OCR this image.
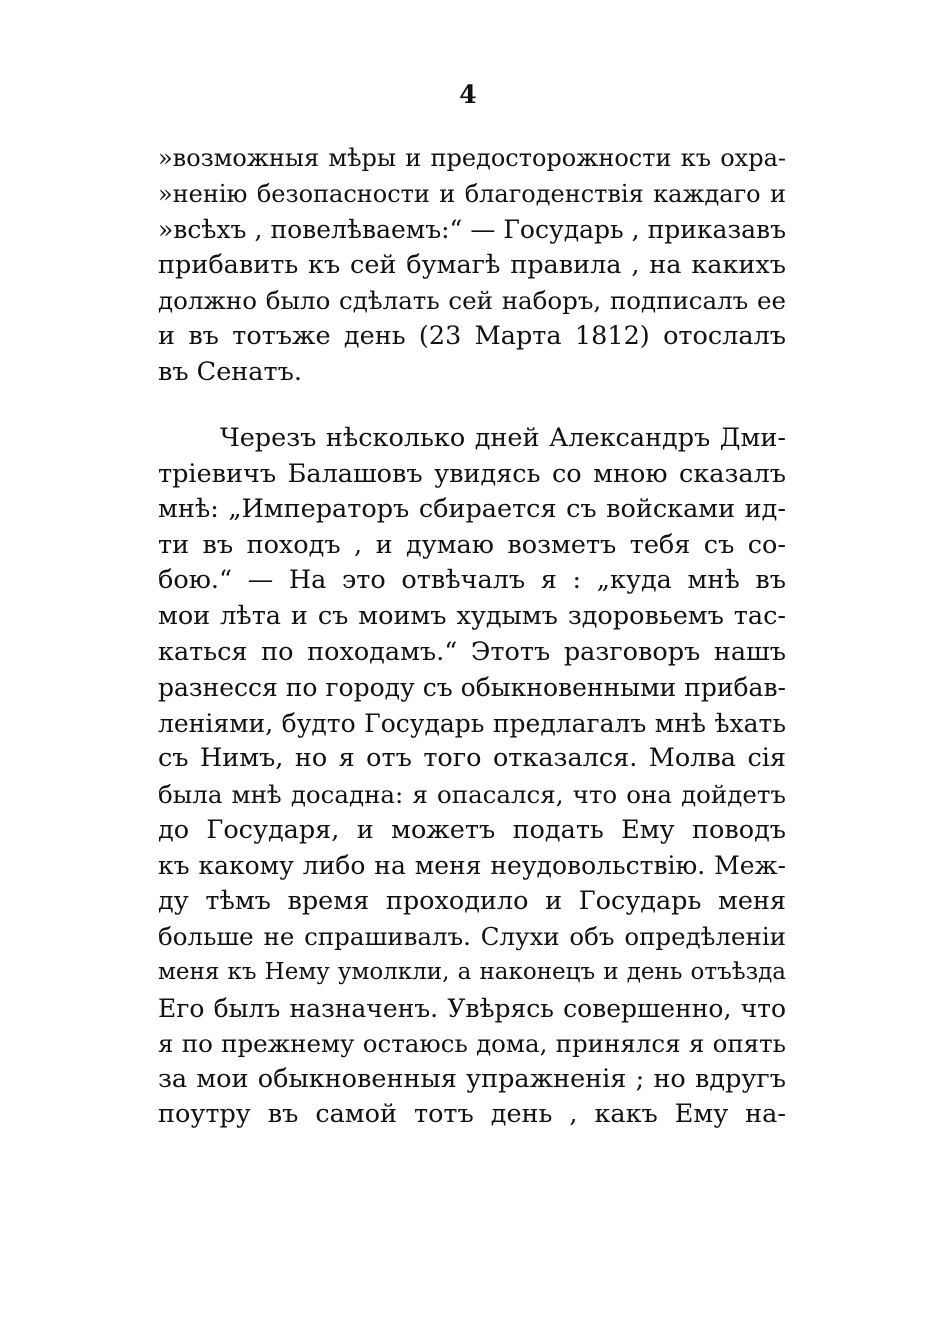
4
»возможныя мѣры и предосторожности къ охра-
»ненію безопасности и благоденствія каждаго и
»всѣхъ , повелѣваемъ:“ — Государь , приказавъ
прибавить къ сей бумагѣ правила , на какихъ
должно было сдѣлать сей наборъ, подписалъ ее
и въ тотъже день (23 Марта 1812) отослалъ
въ Сенатъ.
Черезъ нѣсколько дней Александръ Дми-
тріевичъ Балашовъ увидясь со мною сказалъ
мнѣ: „Императоръ сбирается съ войсками ид-
ти въ походъ , и думаю возметъ тебя съ со-
бою.“ — На это отвѣчалъ я : „куда мнѣ въ
мои лѣта и съ моимъ худымъ здоровьемъ тас-
каться по походамъ.“ Этотъ разговоръ нашъ
разнесся по городу съ обыкновенными прибав-
леніями, будто Государь предлагалъ мнѣ ѣхать
съ Нимъ, но я отъ того отказался. Молва сія
была мнѣ досадна: я опасался, что она дойдетъ
до Государя, и можетъ подать Ему поводъ
къ какому либо на меня неудовольствію. Меж-
ду тѣмъ время проходило и Государь меня
больше не спрашивалъ. Слухи объ опредѣленіи
меня къ Нему умолкли, а наконецъ и день отъѣзда
Его былъ назначенъ. Увѣрясь совершенно, что
я по прежнему остаюсь дома, принялся я опять
за мои обыкновенныя упражненія ; но вдругъ
поутру въ самой тотъ день , какъ Ему на-
